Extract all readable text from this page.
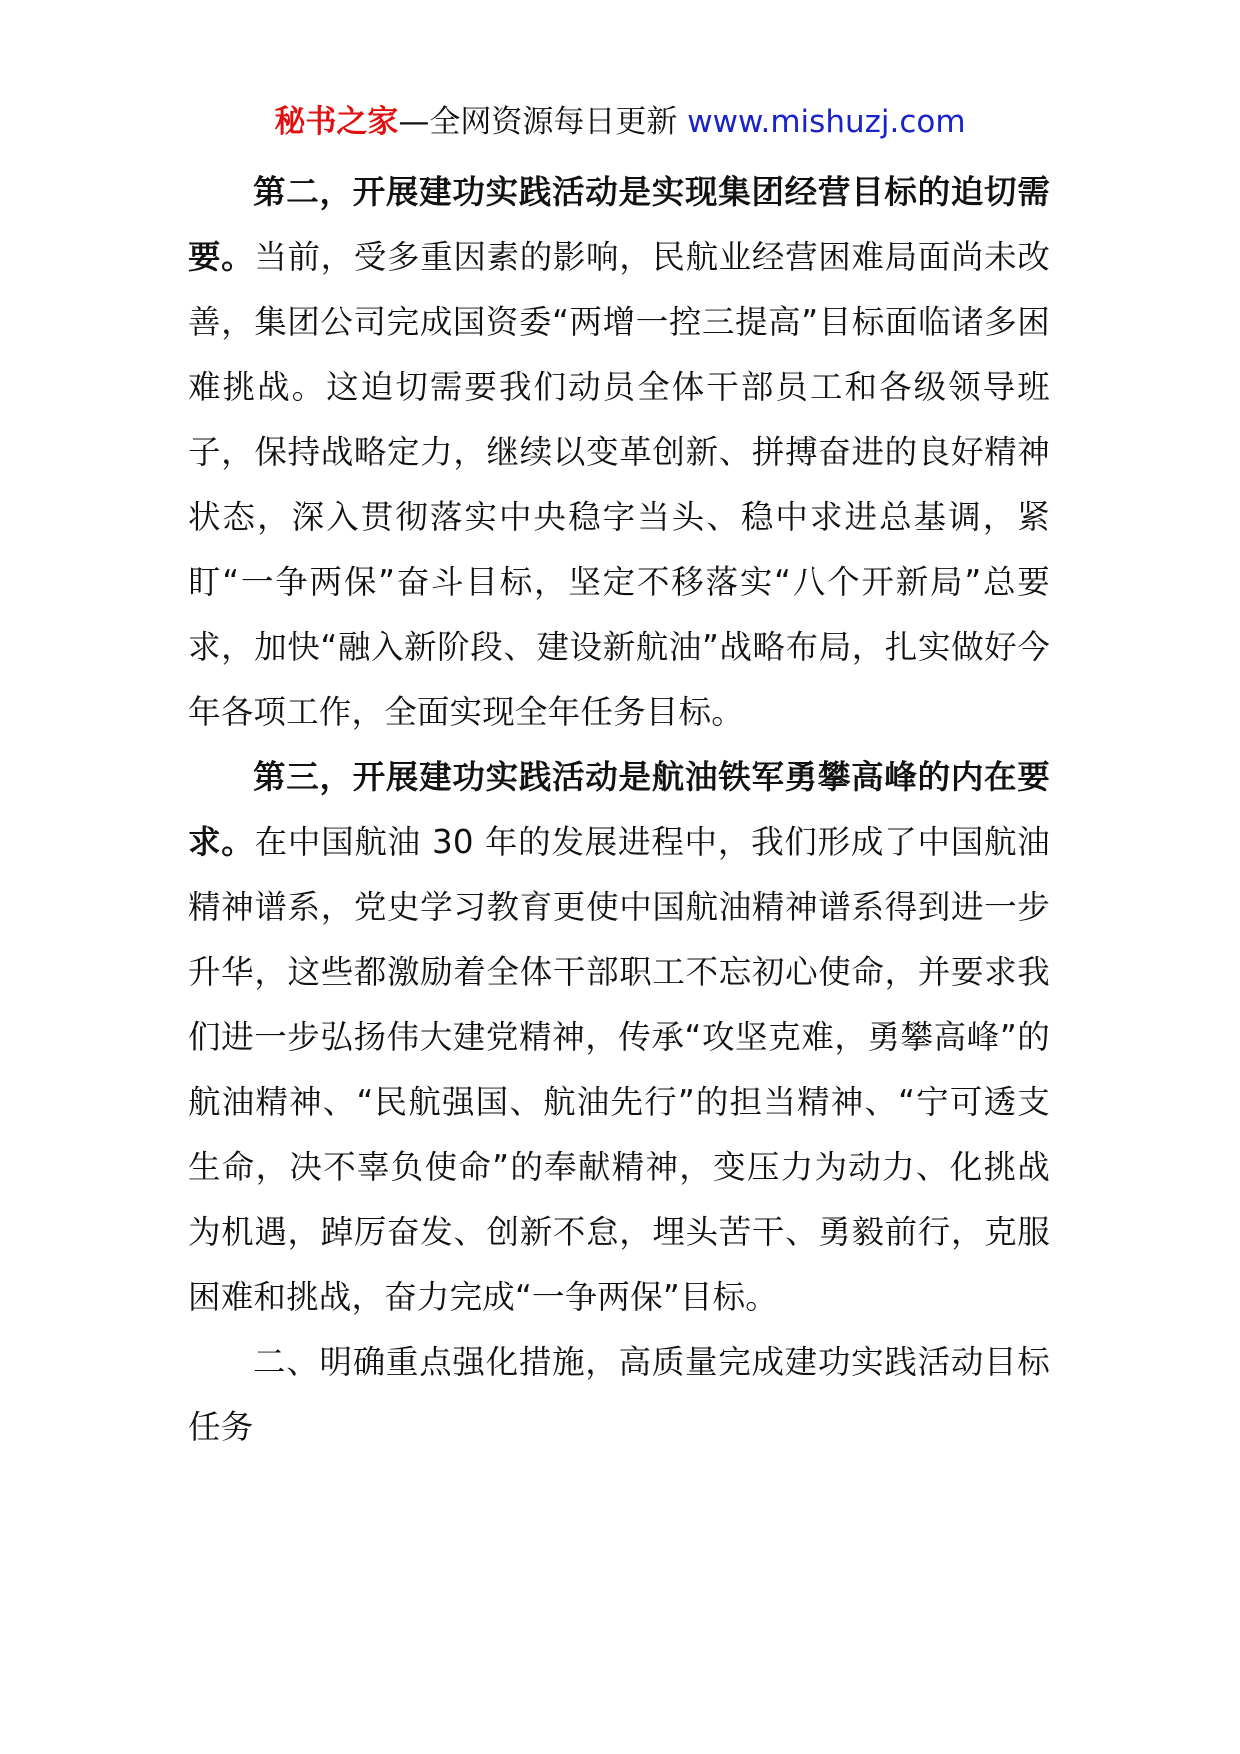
秘书之家—全网资源每日更新 www.mishuzj.com

第二，开展建功实践活动是实现集团经营目标的迫切需要。当前，受多重因素的影响，民航业经营困难局面尚未改善，集团公司完成国资委“两增一控三提高”目标面临诸多困难挑战。这迫切需要我们动员全体干部员工和各级领导班子，保持战略定力，继续以变革创新、拼搏奋进的良好精神状态，深入贯彻落实中央稳字当头、稳中求进总基调，紧盯“一争两保”奋斗目标，坚定不移落实“八个开新局”总要求，加快“融入新阶段、建设新航油”战略布局，扎实做好今年各项工作，全面实现全年任务目标。

第三，开展建功实践活动是航油铁军勇攀高峰的内在要求。在中国航油 30 年的发展进程中，我们形成了中国航油精神谱系，党史学习教育更使中国航油精神谱系得到进一步升华，这些都激励着全体干部职工不忘初心使命，并要求我们进一步弘扬伟大建党精神，传承“攻坚克难，勇攀高峰”的航油精神、“民航强国、航油先行”的担当精神、“宁可透支生命，决不辜负使命”的奉献精神，变压力为动力、化挑战为机遇，踔厉奋发、创新不怠，埋头苦干、勇毅前行，克服困难和挑战，奋力完成“一争两保”目标。

二、明确重点强化措施，高质量完成建功实践活动目标任务
